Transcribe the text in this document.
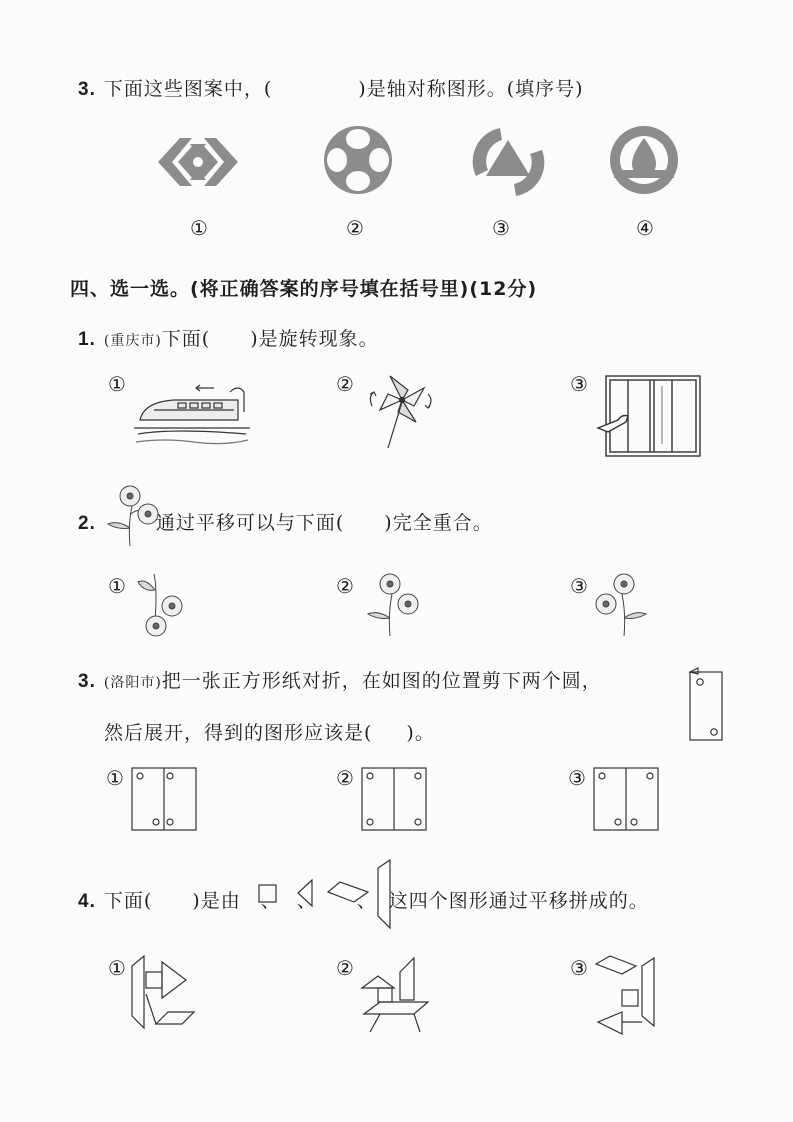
3. 下面这些图案中，(	)是轴对称图形。(填序号)
①	②	③	④
四、选一选。(将正确答案的序号填在括号里)(12分)
1. (重庆市)下面( )是旋转现象。
①	②	③
2.	通过平移可以与下面( )完全重合。
①	②	③
3. (洛阳市)把一张正方形纸对折，在如图的位置剪下两个圆，
然后展开，得到的图形应该是( )。
①	②	③
4. 下面( )是由 、 、 、 这四个图形通过平移拼成的。
①	②	③
